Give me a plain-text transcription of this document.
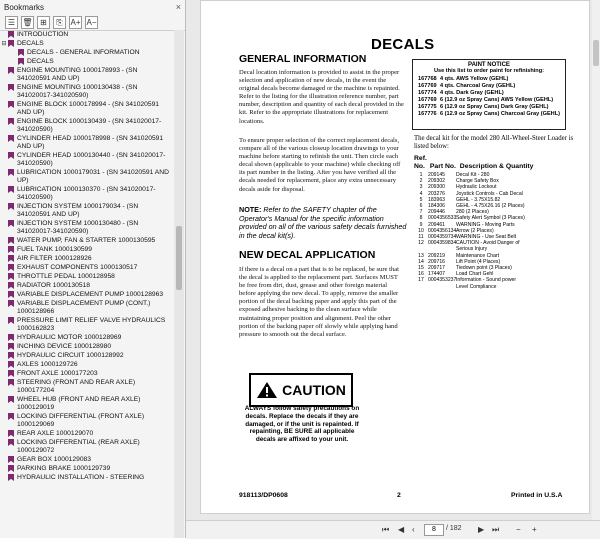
Bookmarks	×
☰ 🗑 ⊞	⎘ A+ A−
INTRODUCTION
⊟ DECALS
DECALS - GENERAL INFORMATION
DECALS
ENGINE MOUNTING 1000178993 - (SN 341020591 AND UP)
ENGINE MOUNTING 1000130438 - (SN 341020017-341020590)
ENGINE BLOCK 1000178994 - (SN 341020591 AND UP)
ENGINE BLOCK 1000130439 - (SN 341020017-341020590)
CYLINDER HEAD 1000178998 - (SN 341020591 AND UP)
CYLINDER HEAD 1000130440 - (SN 341020017-341020590)
LUBRICATION 1000179031 - (SN 341020591 AND UP)
LUBRICATION 1000130370 - (SN 341020017-341020590)
INJECTION SYSTEM 1000179034 - (SN 341020591 AND UP)
INJECTION SYSTEM 1000130480 - (SN 341020017-341020590)
WATER PUMP, FAN & STARTER 1000130595
FUEL TANK 1000130599
AIR FILTER 1000128926
EXHAUST COMPONENTS 1000130517
THROTTLE PEDAL 1000128958
RADIATOR 1000130518
VARIABLE DISPLACEMENT PUMP 1000128963
VARIABLE DISPLACEMENT PUMP (CONT.) 1000128966
PRESSURE LIMIT RELIEF VALVE HYDRAULICS 1000162823
HYDRAULIC MOTOR 1000128969
INCHING DEVICE 1000128980
HYDRAULIC CIRCUIT 1000128992
AXLES 1000129726
FRONT AXLE 1000177203
STEERING (FRONT AND REAR AXLE) 1000177204
WHEEL HUB (FRONT AND REAR AXLE) 1000129019
LOCKING DIFFERENTIAL (FRONT AXLE) 1000129069
REAR AXLE 1000129070
LOCKING DIFFERENTIAL (REAR AXLE) 1000129072
GEAR BOX 1000129083
PARKING BRAKE 1000129739
HYDRAULIC INSTALLATION - STEERING
DECALS
GENERAL INFORMATION
Decal location information is provided to assist in the proper selection and application of new decals, in the event the original decals become damaged or the machine is repainted. Refer to the listing for the illustration reference number, part number, description and quantity of each decal provided in the kit. Refer to the appropriate illustrations for replacement locations.
To ensure proper selection of the correct replacement decals, compare all of the various closeup location drawings to your machine before starting to refinish the unit. Then circle each decal shown (applicable to your machine) while checking off its part number in the listing. After you have verified all the decals needed for replacement, place any extra unnecessary decals aside for disposal.
NOTE: Refer to the SAFETY chapter of the Operator's Manual for the specific information provided on all of the various safety decals furnished in the decal kit(s).
NEW DECAL APPLICATION
If there is a decal on a part that is to be replaced, be sure that the decal is applied to the replacement part. Surfaces MUST be free from dirt, dust, grease and other foreign material before applying the new decal. To apply, remove the smaller portion of the decal backing paper and apply this part of the exposed adhesive backing to the clean surface while maintaining proper position and alignment. Peel the other portion of the backing paper off slowly while applying hand pressure to smooth out the decal surface.
CAUTION
ALWAYS follow safety precautions on decals. Replace the decals if they are damaged, or if the unit is repainted. If repainting, BE SURE all applicable decals are affixed to your unit.
PAINT NOTICE
Use this list to order paint for refinishing:
167768 4 qts. AWS Yellow (GEHL)
167769 4 qts. Charcoal Gray (GEHL)
167774 4 qts. Dark Gray (GEHL)
167769 6 (12.9 oz Spray Cans) AWS Yellow (GEHL)
167775 6 (12.9 oz Spray Cans) Dark Gray (GEHL)
167776 6 (12.9 oz Spray Cans) Charcoal Gray (GEHL)
The decal kit for the model 280 All-Wheel-Steer Loader is listed below:
Ref. No. Part No. Description & Quantity
1	209145	Decal Kit - 280
2	209302	Charge Safety Box
3	209300	Hydraulic Lockout
4	203276	Joystick Controls - Cab Decal
5	183963	GEHL - 3.75X15.82
6	184306	GEHL - 4.75X26.16 (2 Places)
7	209446	280 (2 Places)
8	0004356533 Safety Alert Symbol (3 Places)
9	209461	WARNING - Moving Parts
10 0004356134 Arrow (2 Places)
11 0004359734 WARNING - Use Seat Belt
12 0004359834 CAUTION - Avoid Danger of
Serious Injury
13 209219	Maintenance Chart
14 209716	Lift Point (4 Places)
15 209717	Tiedown point (3 Places)
16 174407	Load Chart Gehl
17 0004353237 Information - Sound power
Level Compliance
918113/DP0608	2	Printed in U.S.A
⏮ ◀ ‹	8	/ 182 ▶ ⏭ − +
